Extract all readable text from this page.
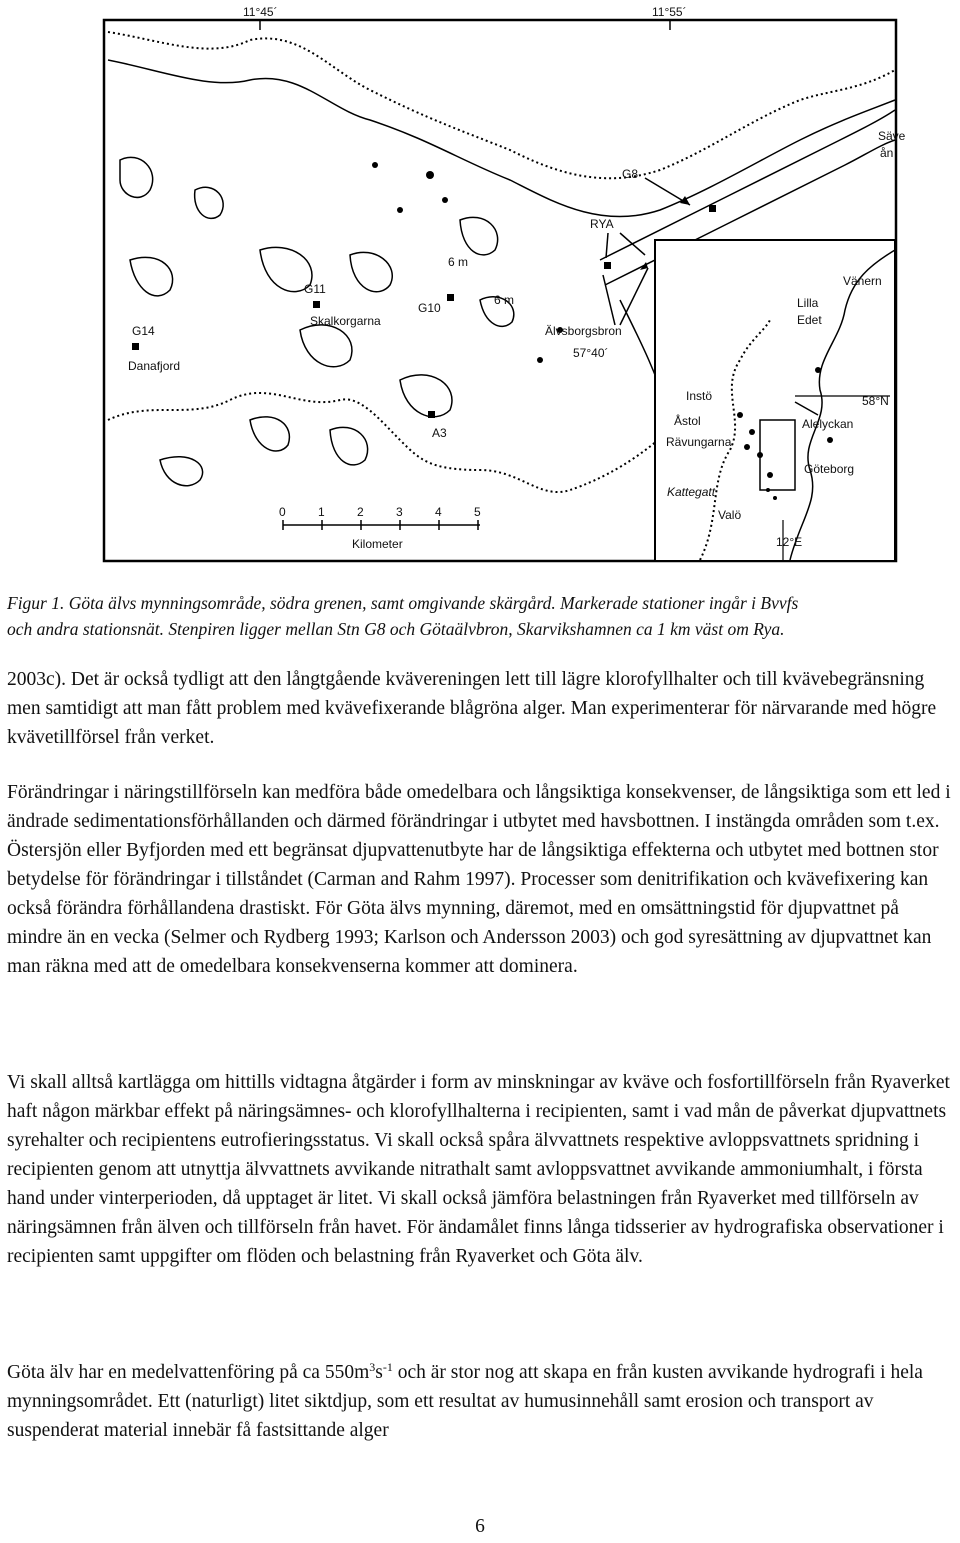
11°45´	11°55´
G8
RYA
G11
G10
G14
A3
Säve
ån
Skalkorgarna
Danafjord
Älvsborgsbron
57°40´
6 m
6 m
0	1	2	3	4	5
Kilometer
Vänern
Lilla
Edet
Instö
Åstol
Rävungarna
Alelyckan
Göteborg
Valö
Kattegatt
58°N
12°E

Figur 1. Göta älvs mynningsområde, södra grenen, samt omgivande skärgård. Markerade stationer ingår i Bvvfs
och andra stationsnät. Stenpiren ligger mellan Stn G8 och Götaälvbron, Skarvikshamnen ca 1 km väst om Rya.

2003c). Det är också tydligt att den långtgående kvävereningen lett till lägre klorofyllhalter och till kvävebegränsning men samtidigt att man fått problem med kvävefixerande blågröna alger. Man experimenterar för närvarande med högre kvävetillförsel från verket.

Förändringar i näringstillförseln kan medföra både omedelbara och långsiktiga konsekvenser, de långsiktiga som ett led i ändrade sedimentationsförhållanden och därmed förändringar i utbytet med havsbottnen. I instängda områden som t.ex. Östersjön eller Byfjorden med ett begränsat djupvattenutbyte har de långsiktiga effekterna och utbytet med bottnen stor betydelse för förändringar i tillståndet (Carman and Rahm 1997). Processer som denitrifikation och kvävefixering kan också förändra förhållandena drastiskt. För Göta älvs mynning, däremot, med en omsättningstid för djupvattnet på mindre än en vecka (Selmer och Rydberg 1993; Karlson och Andersson 2003) och god syresättning av djupvattnet kan man räkna med att de omedelbara konsekvenserna kommer att dominera.

Vi skall alltså kartlägga om hittills vidtagna åtgärder i form av minskningar av kväve och fosfortillförseln från Ryaverket haft någon märkbar effekt på näringsämnes- och klorofyllhalterna i recipienten, samt i vad mån de påverkat djupvattnets syrehalter och recipientens eutrofieringsstatus. Vi skall också spåra älvvattnets respektive avloppsvattnets spridning i recipienten genom att utnyttja älvvattnets avvikande nitrathalt samt avloppsvattnet avvikande ammoniumhalt, i första hand under vinterperioden, då upptaget är litet. Vi skall också jämföra belastningen från Ryaverket med tillförseln av näringsämnen från älven och tillförseln från havet. För ändamålet finns långa tidsserier av hydrografiska observationer i recipienten samt uppgifter om flöden och belastning från Ryaverket och Göta älv.

Göta älv har en medelvattenföring på ca $550m^3s^{-1}$ och är stor nog att skapa en från kusten avvikande hydrografi i hela mynningsområdet. Ett (naturligt) litet siktdjup, som ett resultat av humusinnehåll samt erosion och transport av suspenderat material innebär få fastsittande alger

6
